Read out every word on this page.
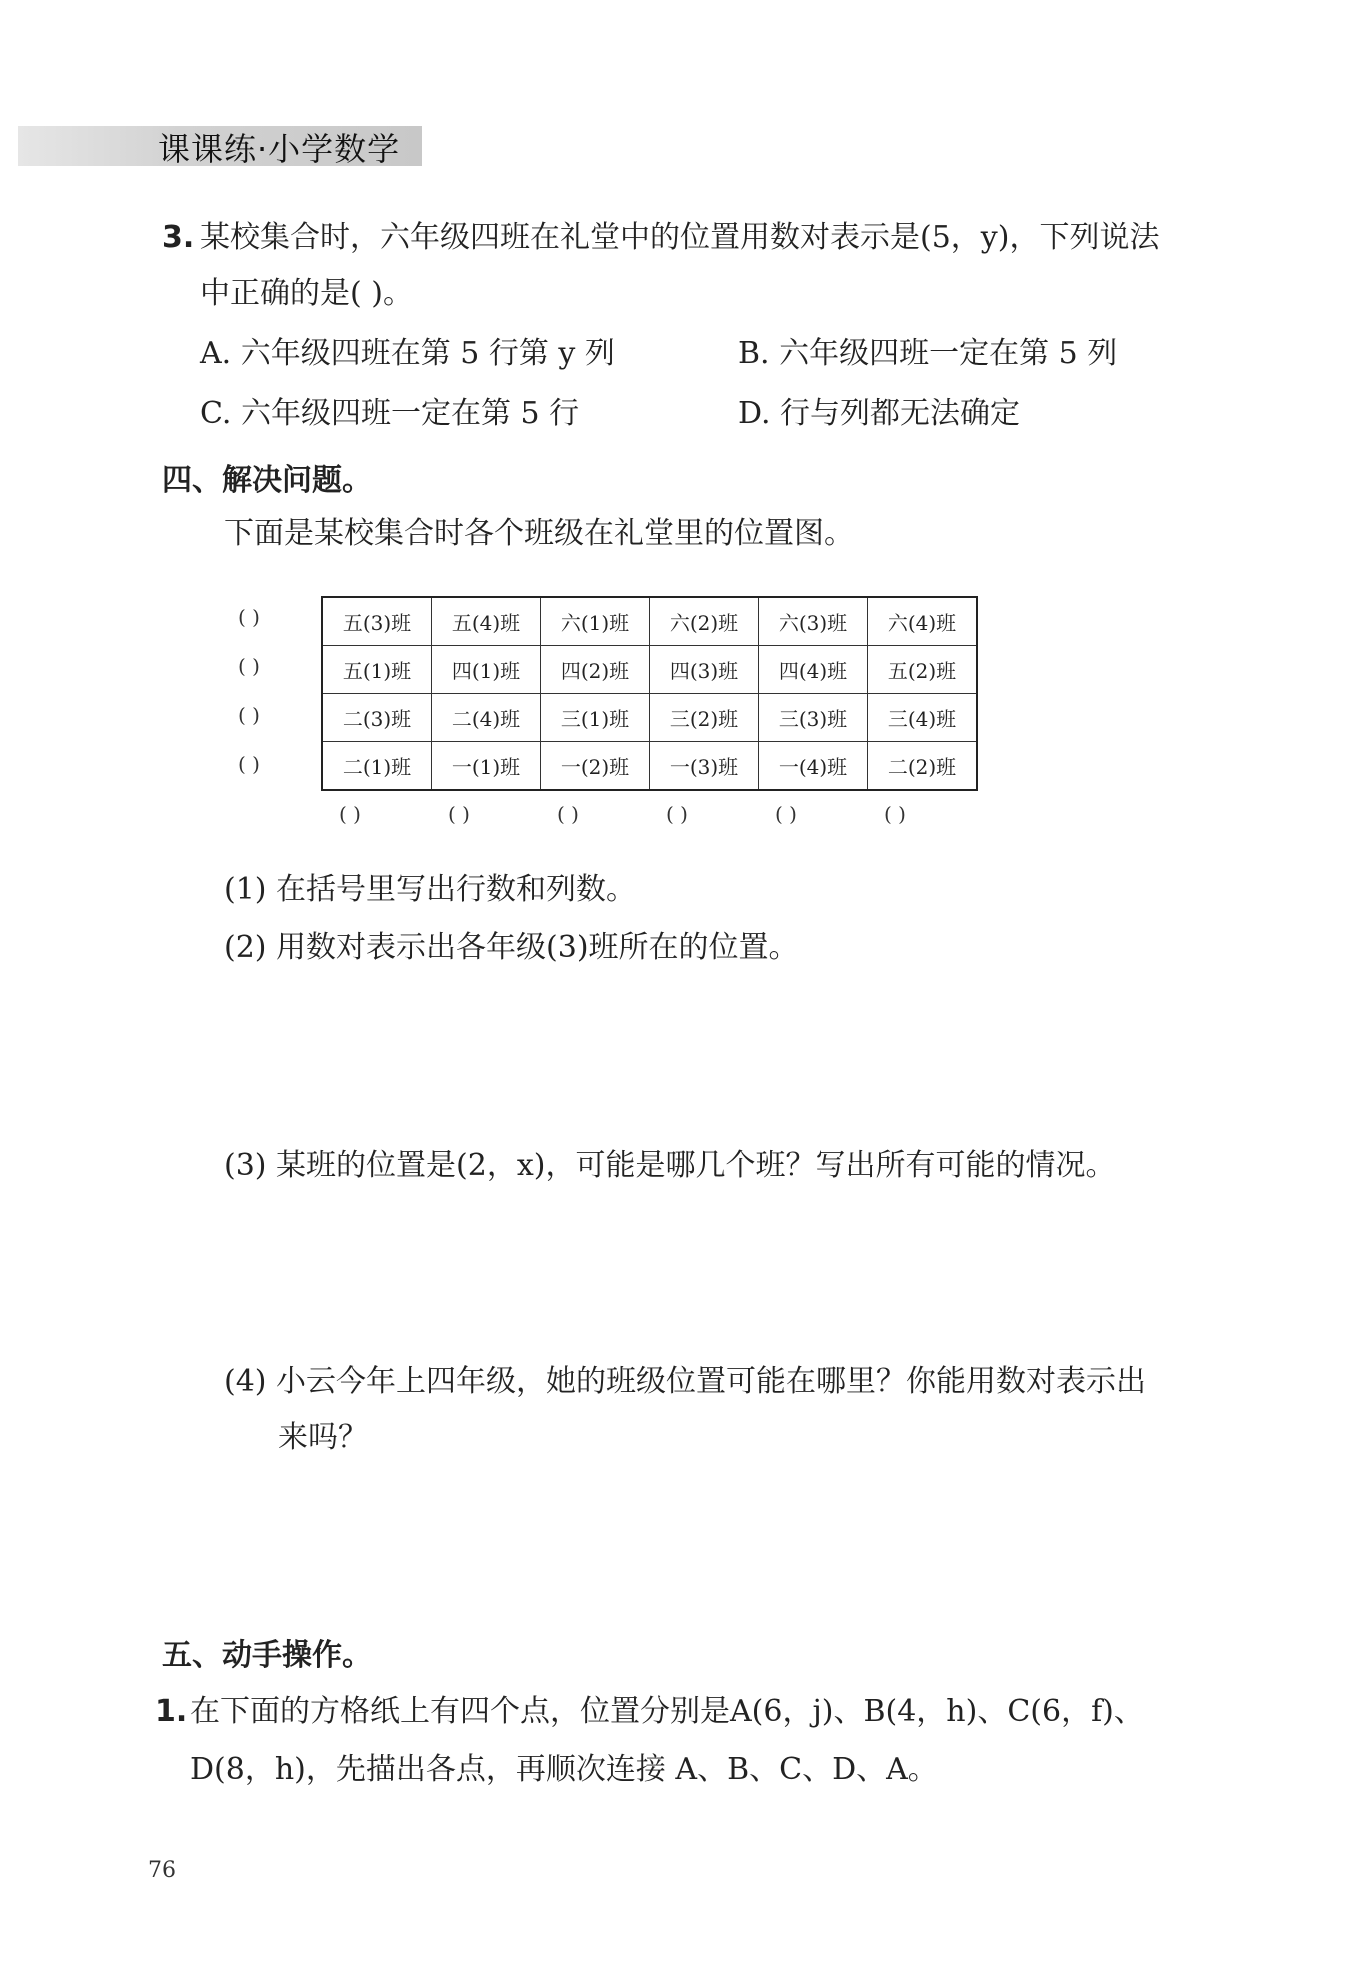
课课练·小学数学
3. 某校集合时，六年级四班在礼堂中的位置用数对表示是(5，y)，下列说法
中正确的是( )。
A. 六年级四班在第 5 行第 y 列	B. 六年级四班一定在第 5 列
C. 六年级四班一定在第 5 行	D. 行与列都无法确定
四、解决问题。
下面是某校集合时各个班级在礼堂里的位置图。
( )
( )
( )
( )
五(3)班	五(4)班	六(1)班	六(2)班	六(3)班	六(4)班
五(1)班	四(1)班	四(2)班	四(3)班	四(4)班	五(2)班
二(3)班	二(4)班	三(1)班	三(2)班	三(3)班	三(4)班
二(1)班	一(1)班	一(2)班	一(3)班	一(4)班	二(2)班
( )	( )	( )	( )	( )	( )
(1) 在括号里写出行数和列数。
(2) 用数对表示出各年级(3)班所在的位置。
(3) 某班的位置是(2，x)，可能是哪几个班？写出所有可能的情况。
(4) 小云今年上四年级，她的班级位置可能在哪里？你能用数对表示出
来吗？
五、动手操作。
1. 在下面的方格纸上有四个点，位置分别是A(6，j)、B(4，h)、C(6，f)、
D(8，h)，先描出各点，再顺次连接 A、B、C、D、A。
76
